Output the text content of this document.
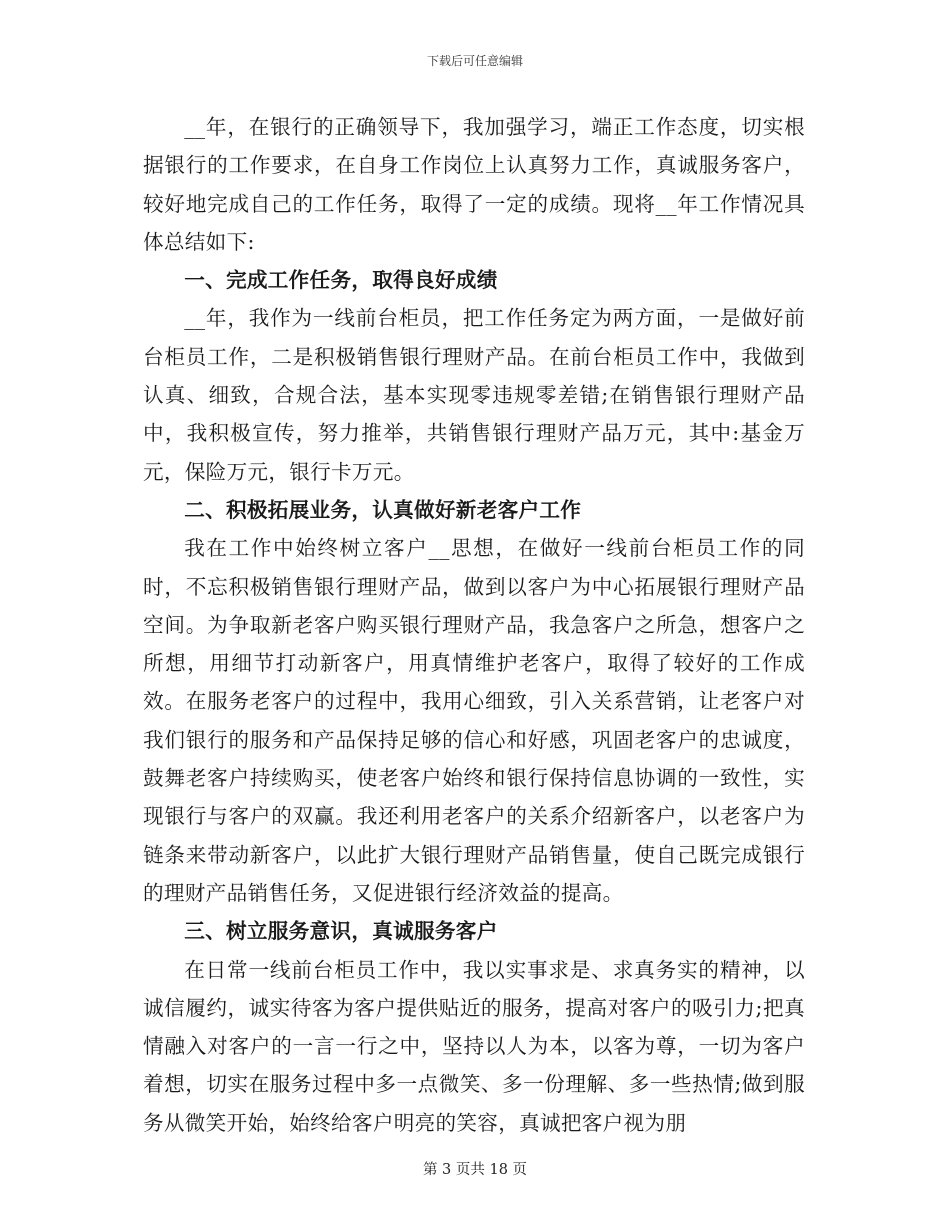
下载后可任意编辑

__年，在银行的正确领导下，我加强学习，端正工作态度，切实根据银行的工作要求，在自身工作岗位上认真努力工作，真诚服务客户，较好地完成自己的工作任务，取得了一定的成绩。现将__年工作情况具体总结如下:

一、完成工作任务，取得良好成绩

__年，我作为一线前台柜员，把工作任务定为两方面，一是做好前台柜员工作，二是积极销售银行理财产品。在前台柜员工作中，我做到认真、细致，合规合法，基本实现零违规零差错;在销售银行理财产品中，我积极宣传，努力推举，共销售银行理财产品万元，其中:基金万元，保险万元，银行卡万元。

二、积极拓展业务，认真做好新老客户工作

我在工作中始终树立客户__思想，在做好一线前台柜员工作的同时，不忘积极销售银行理财产品，做到以客户为中心拓展银行理财产品空间。为争取新老客户购买银行理财产品，我急客户之所急，想客户之所想，用细节打动新客户，用真情维护老客户，取得了较好的工作成效。在服务老客户的过程中，我用心细致，引入关系营销，让老客户对我们银行的服务和产品保持足够的信心和好感，巩固老客户的忠诚度，鼓舞老客户持续购买，使老客户始终和银行保持信息协调的一致性，实现银行与客户的双赢。我还利用老客户的关系介绍新客户，以老客户为链条来带动新客户，以此扩大银行理财产品销售量，使自己既完成银行的理财产品销售任务，又促进银行经济效益的提高。

三、树立服务意识，真诚服务客户

在日常一线前台柜员工作中，我以实事求是、求真务实的精神，以诚信履约，诚实待客为客户提供贴近的服务，提高对客户的吸引力;把真情融入对客户的一言一行之中，坚持以人为本，以客为尊，一切为客户着想，切实在服务过程中多一点微笑、多一份理解、多一些热情;做到服务从微笑开始，始终给客户明亮的笑容，真诚把客户视为朋

第 3 页共 18 页
